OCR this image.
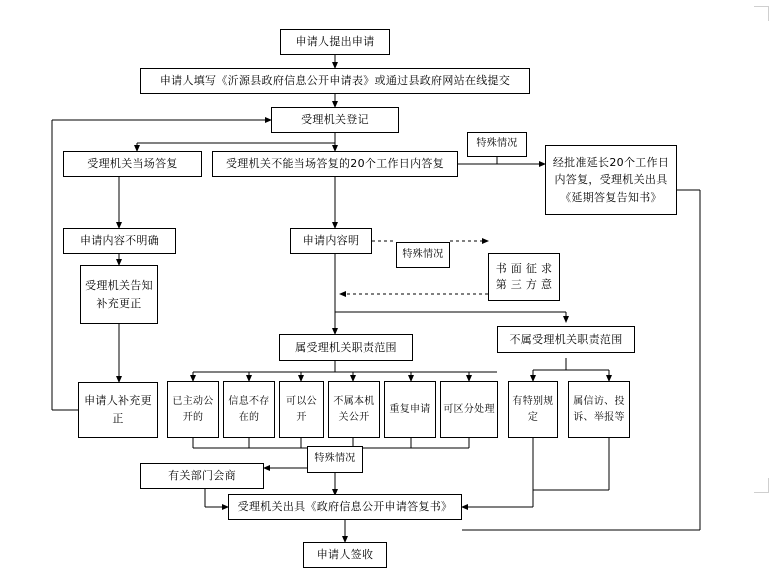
申请人提出申请
申请人填写《沂源县政府信息公开申请表》或通过县政府网站在线提交
受理机关登记
受理机关当场答复	受理机关不能当场答复的20个工作日内答复
特殊情况
经批准延长20个工作日内答复，受理机关出具《延期答复告知书》
申请内容不明确	申请内容明
特殊情况
书 面 征 求 第 三 方 意
受理机关告知补充更正
属受理机关职责范围
不属受理机关职责范围
申请人补充更正
已主动公开的
信息不存在的
可以公开
不属本机关公开
重复申请	可区分处理
有特别规定
属信访、投诉、举报等
特殊情况
有关部门会商
受理机关出具《政府信息公开申请答复书》
申请人签收
